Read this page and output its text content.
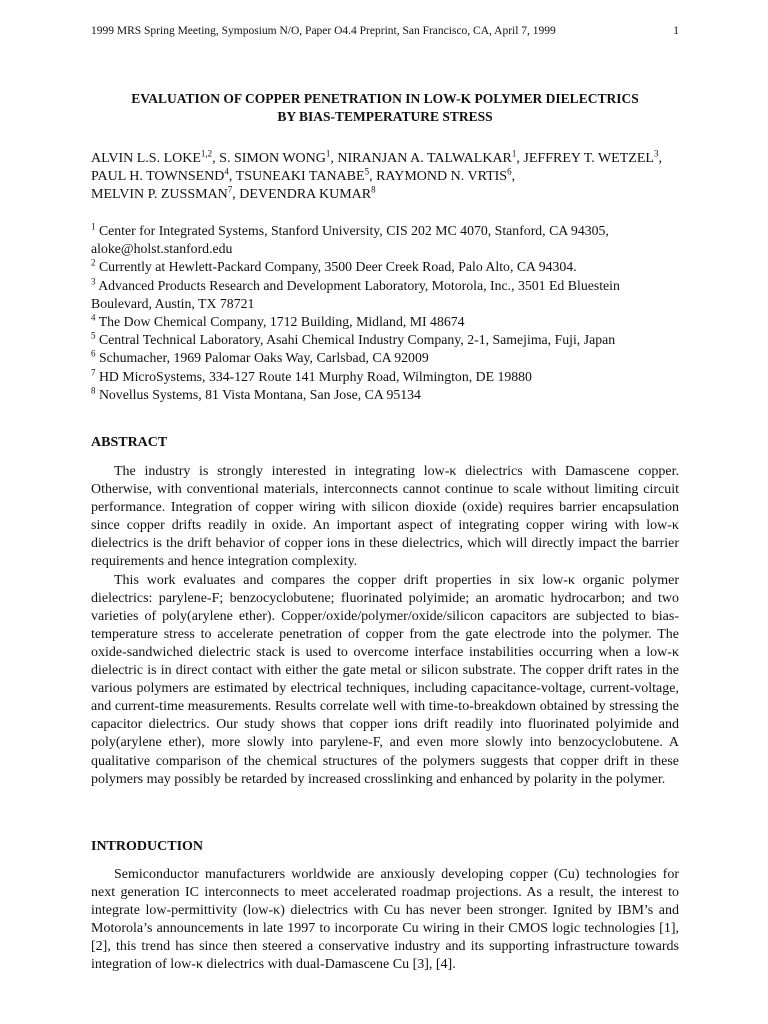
1999 MRS Spring Meeting, Symposium N/O, Paper O4.4 Preprint, San Francisco, CA, April 7, 1999	1
EVALUATION OF COPPER PENETRATION IN LOW-Κ POLYMER DIELECTRICS
BY BIAS-TEMPERATURE STRESS
ALVIN L.S. LOKE$^{1,2}$, S. SIMON WONG$^1$, NIRANJAN A. TALWALKAR$^1$, JEFFREY T. WETZEL$^3$, PAUL H. TOWNSEND$^4$, TSUNEAKI TANABE$^5$, RAYMOND N. VRTIS$^6$,
MELVIN P. ZUSSMAN$^7$, DEVENDRA KUMAR$^8$
$^1$ Center for Integrated Systems, Stanford University, CIS 202 MC 4070, Stanford, CA 94305, aloke@holst.stanford.edu
$^2$ Currently at Hewlett-Packard Company, 3500 Deer Creek Road, Palo Alto, CA 94304.
$^3$ Advanced Products Research and Development Laboratory, Motorola, Inc., 3501 Ed Bluestein Boulevard, Austin, TX 78721
$^4$ The Dow Chemical Company, 1712 Building, Midland, MI 48674
$^5$ Central Technical Laboratory, Asahi Chemical Industry Company, 2-1, Samejima, Fuji, Japan
$^6$ Schumacher, 1969 Palomar Oaks Way, Carlsbad, CA 92009
$^7$ HD MicroSystems, 334-127 Route 141 Murphy Road, Wilmington, DE 19880
$^8$ Novellus Systems, 81 Vista Montana, San Jose, CA 95134
ABSTRACT

The industry is strongly interested in integrating low-κ dielectrics with Damascene copper. Otherwise, with conventional materials, interconnects cannot continue to scale without limiting circuit performance. Integration of copper wiring with silicon dioxide (oxide) requires barrier encapsulation since copper drifts readily in oxide. An important aspect of integrating copper wiring with low-κ dielectrics is the drift behavior of copper ions in these dielectrics, which will directly impact the barrier requirements and hence integration complexity.

This work evaluates and compares the copper drift properties in six low-κ organic polymer dielectrics: parylene-F; benzocyclobutene; fluorinated polyimide; an aromatic hydrocarbon; and two varieties of poly(arylene ether). Copper/oxide/polymer/oxide/silicon capacitors are subjected to bias-temperature stress to accelerate penetration of copper from the gate electrode into the polymer. The oxide-sandwiched dielectric stack is used to overcome interface instabilities occurring when a low-κ dielectric is in direct contact with either the gate metal or silicon substrate. The copper drift rates in the various polymers are estimated by electrical techniques, including capacitance-voltage, current-voltage, and current-time measurements. Results correlate well with time-to-breakdown obtained by stressing the capacitor dielectrics. Our study shows that copper ions drift readily into fluorinated polyimide and poly(arylene ether), more slowly into parylene-F, and even more slowly into benzocyclobutene. A qualitative comparison of the chemical structures of the polymers suggests that copper drift in these polymers may possibly be retarded by increased crosslinking and enhanced by polarity in the polymer.

INTRODUCTION

Semiconductor manufacturers worldwide are anxiously developing copper (Cu) technologies for next generation IC interconnects to meet accelerated roadmap projections. As a result, the interest to integrate low-permittivity (low-κ) dielectrics with Cu has never been stronger. Ignited by IBM’s and Motorola’s announcements in late 1997 to incorporate Cu wiring in their CMOS logic technologies [1], [2], this trend has since then steered a conservative industry and its supporting infrastructure towards integration of low-κ dielectrics with dual-Damascene Cu [3], [4].
